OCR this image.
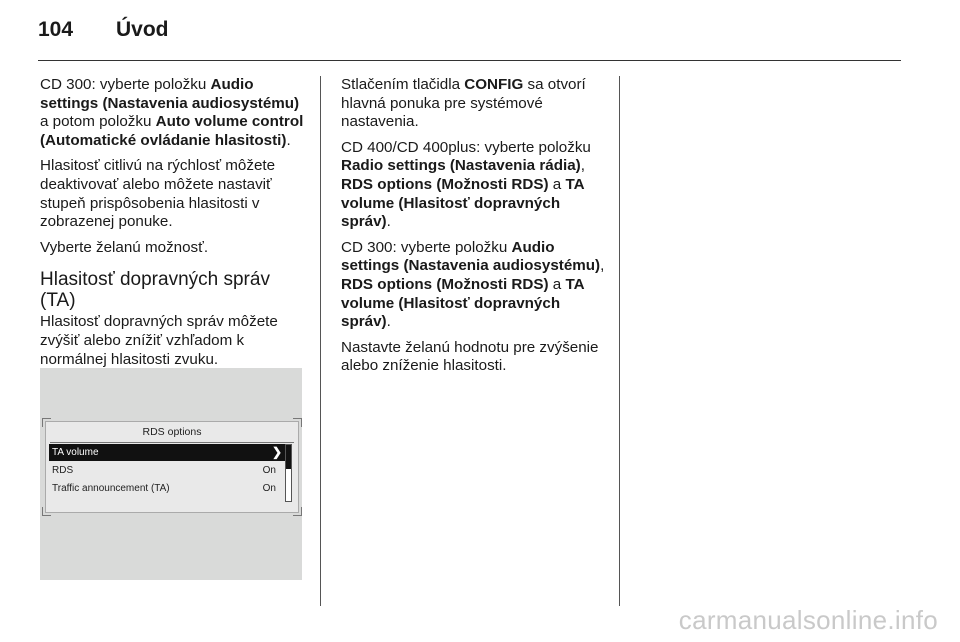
104 Úvod

CD 300: vyberte položku Audio settings (Nastavenia audiosystému) a potom položku Auto volume control (Automatické ovládanie hlasitosti).

Hlasitosť citlivú na rýchlosť môžete deaktivovať alebo môžete nastaviť stupeň prispôsobenia hlasitosti v zobrazenej ponuke.

Vyberte želanú možnosť.

Hlasitosť dopravných správ (TA)

Hlasitosť dopravných správ môžete zvýšiť alebo znížiť vzhľadom k normálnej hlasitosti zvuku.

RDS options
TA volume	❯
RDS	On
Traffic announcement (TA)	On

Stlačením tlačidla CONFIG sa otvorí hlavná ponuka pre systémové nastavenia.

CD 400/CD 400plus: vyberte položku Radio settings (Nastavenia rádia), RDS options (Možnosti RDS) a TA volume (Hlasitosť dopravných správ).

CD 300: vyberte položku Audio settings (Nastavenia audiosystému), RDS options (Možnosti RDS) a TA volume (Hlasitosť dopravných správ).

Nastavte želanú hodnotu pre zvýšenie alebo zníženie hlasitosti.

carmanualsonline.info
